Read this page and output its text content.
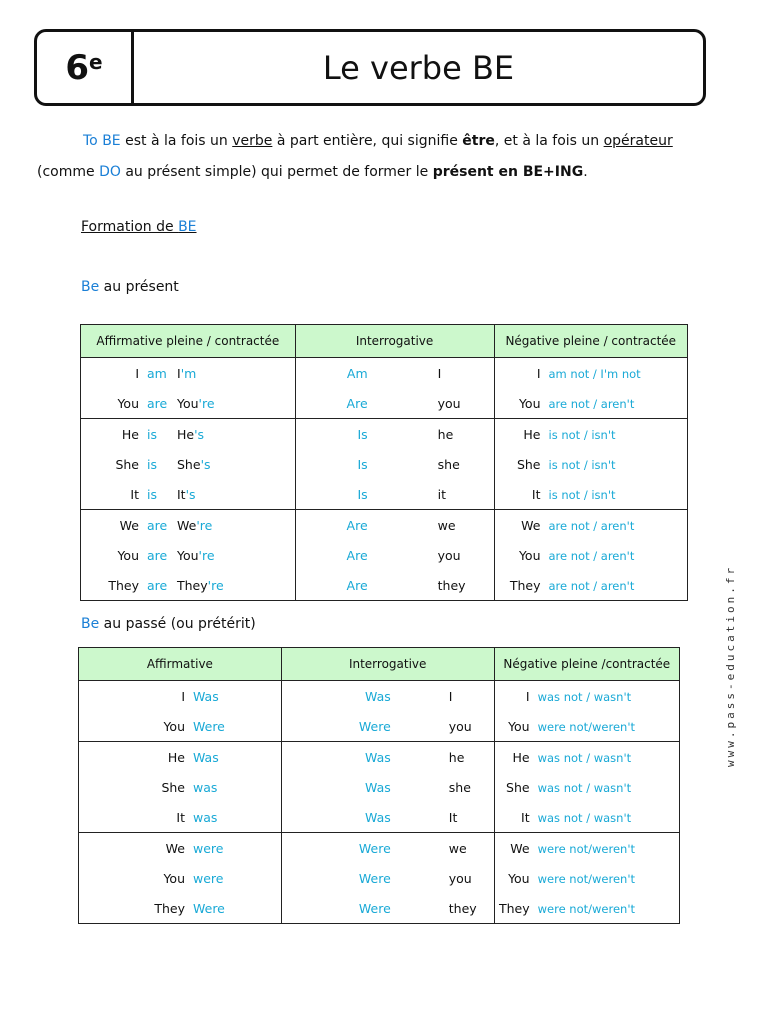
6e	Le verbe BE
To BE est à la fois un verbe à part entière, qui signifie être, et à la fois un opérateur
(comme DO au présent simple) qui permet de former le présent en BE+ING.
Formation de BE
Be au présent
Affirmative pleine / contractée	Interrogative	Négative pleine / contractée

I am I'm	Am I	I am not / I'm not

You are You're	Are you	You are not / aren't

He is He's	Is he	He is not / isn't

She is She's	Is she	She is not / isn't

It is It's	Is it	It is not / isn't

We are We're	Are we	We are not / aren't

You are You're	Are you	You are not / aren't

They are They're	Are they	They are not / aren't
Be au passé (ou prétérit)
Affirmative	Interrogative	Négative pleine /contractée

I Was	Was I	I was not / wasn't

You Were	Were you	You were not/weren't

He Was	Was he	He was not / wasn't

She was	Was she	She was not / wasn't

It was	Was It	It was not / wasn't

We were	Were we	We were not/weren't

You were	Were you	You were not/weren't

They Were	Were they	They were not/weren't
www.pass-education.fr
